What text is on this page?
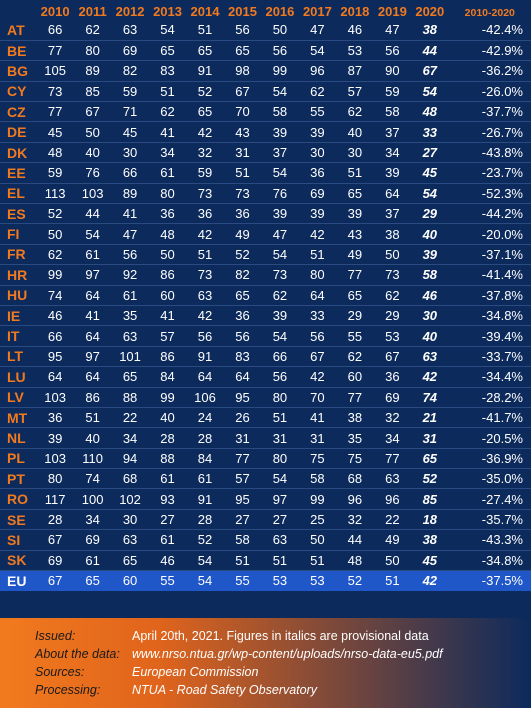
	2010	2011	2012	2013	2014	2015	2016	2017	2018	2019	2020	2010-2020
AT	66	62	63	54	51	56	50	47	46	47	38	-42.4%
BE	77	80	69	65	65	65	56	54	53	56	44	-42.9%
BG	105	89	82	83	91	98	99	96	87	90	67	-36.2%
CY	73	85	59	51	52	67	54	62	57	59	54	-26.0%
CZ	77	67	71	62	65	70	58	55	62	58	48	-37.7%
DE	45	50	45	41	42	43	39	39	40	37	33	-26.7%
DK	48	40	30	34	32	31	37	30	30	34	27	-43.8%
EE	59	76	66	61	59	51	54	36	51	39	45	-23.7%
EL	113	103	89	80	73	73	76	69	65	64	54	-52.3%
ES	52	44	41	36	36	36	39	39	39	37	29	-44.2%
FI	50	54	47	48	42	49	47	42	43	38	40	-20.0%
FR	62	61	56	50	51	52	54	51	49	50	39	-37.1%
HR	99	97	92	86	73	82	73	80	77	73	58	-41.4%
HU	74	64	61	60	63	65	62	64	65	62	46	-37.8%
IE	46	41	35	41	42	36	39	33	29	29	30	-34.8%
IT	66	64	63	57	56	56	54	56	55	53	40	-39.4%
LT	95	97	101	86	91	83	66	67	62	67	63	-33.7%
LU	64	64	65	84	64	64	56	42	60	36	42	-34.4%
LV	103	86	88	99	106	95	80	70	77	69	74	-28.2%
MT	36	51	22	40	24	26	51	41	38	32	21	-41.7%
NL	39	40	34	28	28	31	31	31	35	34	31	-20.5%
PL	103	110	94	88	84	77	80	75	75	77	65	-36.9%
PT	80	74	68	61	61	57	54	58	68	63	52	-35.0%
RO	117	100	102	93	91	95	97	99	96	96	85	-27.4%
SE	28	34	30	27	28	27	27	25	32	22	18	-35.7%
SI	67	69	63	61	52	58	63	50	44	49	38	-43.3%
SK	69	61	65	46	54	51	51	51	48	50	45	-34.8%
EU	67	65	60	55	54	55	53	53	52	51	42	-37.5%
Issued:	April 20th, 2021. Figures in italics are provisional data
About the data: www.nrso.ntua.gr/wp-content/uploads/nrso-data-eu5.pdf
Sources:	European Commission
Processing:	NTUA - Road Safety Observatory
